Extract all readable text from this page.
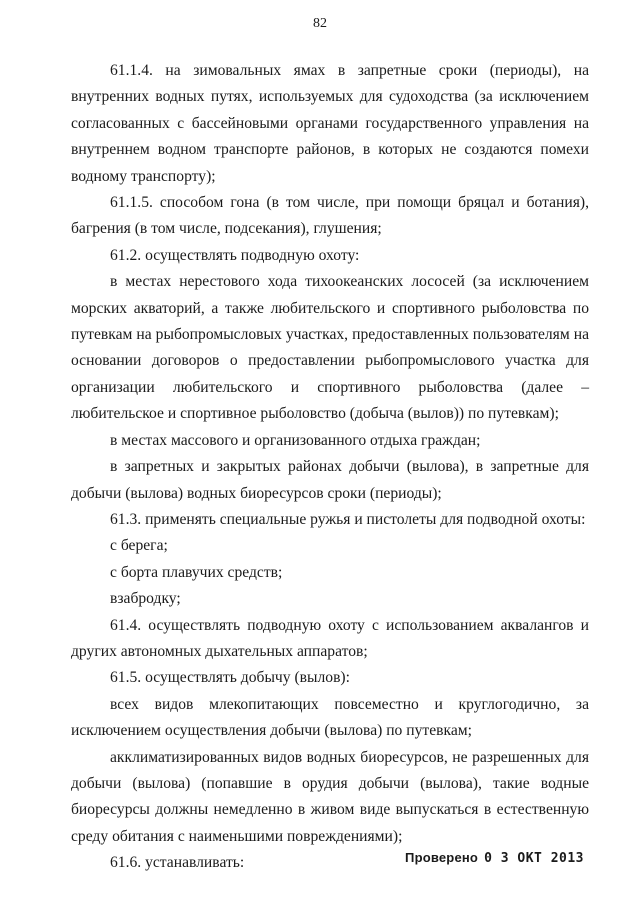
82

61.1.4. на зимовальных ямах в запретные сроки (периоды), на внутренних водных путях, используемых для судоходства (за исключением согласованных с бассейновыми органами государственного управления на внутреннем водном транспорте районов, в которых не создаются помехи водному транспорту);

61.1.5. способом гона (в том числе, при помощи бряцал и ботания), багрения (в том числе, подсекания), глушения;

61.2. осуществлять подводную охоту:

в местах нерестового хода тихоокеанских лососей (за исключением морских акваторий, а также любительского и спортивного рыболовства по путевкам на рыбопромысловых участках, предоставленных пользователям на основании договоров о предоставлении рыбопромыслового участка для организации любительского и спортивного рыболовства (далее – любительское и спортивное рыболовство (добыча (вылов)) по путевкам);

в местах массового и организованного отдыха граждан;

в запретных и закрытых районах добычи (вылова), в запретные для добычи (вылова) водных биоресурсов сроки (периоды);

61.3. применять специальные ружья и пистолеты для подводной охоты:

с берега;

с борта плавучих средств;

взабродку;

61.4. осуществлять подводную охоту с использованием аквалангов и других автономных дыхательных аппаратов;

61.5. осуществлять добычу (вылов):

всех видов млекопитающих повсеместно и круглогодично, за исключением осуществления добычи (вылова) по путевкам;

акклиматизированных видов водных биоресурсов, не разрешенных для добычи (вылова) (попавшие в орудия добычи (вылова), такие водные биоресурсы должны немедленно в живом виде выпускаться в естественную среду обитания с наименьшими повреждениями);

61.6. устанавливать:	Проверено 0 3 ОКТ 2013
